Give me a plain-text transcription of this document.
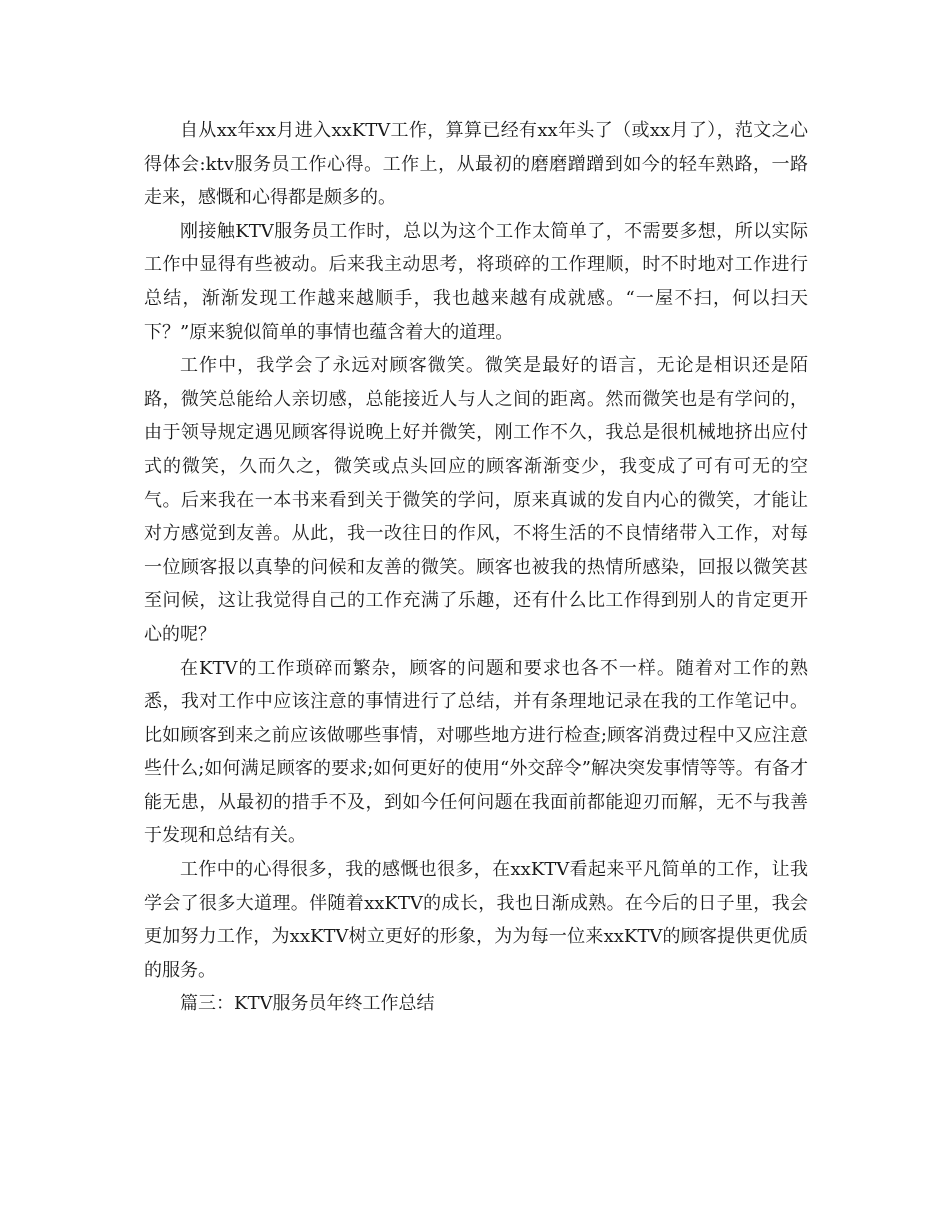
自从xx年xx月进入xxKTV工作，算算已经有xx年头了（或xx月了），范文之心得体会:ktv服务员工作心得。工作上，从最初的磨磨蹭蹭到如今的轻车熟路，一路走来，感慨和心得都是颇多的。

刚接触KTV服务员工作时，总以为这个工作太简单了，不需要多想，所以实际工作中显得有些被动。后来我主动思考，将琐碎的工作理顺，时不时地对工作进行总结，渐渐发现工作越来越顺手，我也越来越有成就感。“一屋不扫，何以扫天下？”原来貌似简单的事情也蕴含着大的道理。

工作中，我学会了永远对顾客微笑。微笑是最好的语言，无论是相识还是陌路，微笑总能给人亲切感，总能接近人与人之间的距离。然而微笑也是有学问的，由于领导规定遇见顾客得说晚上好并微笑，刚工作不久，我总是很机械地挤出应付式的微笑，久而久之，微笑或点头回应的顾客渐渐变少，我变成了可有可无的空气。后来我在一本书来看到关于微笑的学问，原来真诚的发自内心的微笑，才能让对方感觉到友善。从此，我一改往日的作风，不将生活的不良情绪带入工作，对每一位顾客报以真挚的问候和友善的微笑。顾客也被我的热情所感染，回报以微笑甚至问候，这让我觉得自己的工作充满了乐趣，还有什么比工作得到别人的肯定更开心的呢？

在KTV的工作琐碎而繁杂，顾客的问题和要求也各不一样。随着对工作的熟悉，我对工作中应该注意的事情进行了总结，并有条理地记录在我的工作笔记中。比如顾客到来之前应该做哪些事情，对哪些地方进行检查;顾客消费过程中又应注意些什么;如何满足顾客的要求;如何更好的使用“外交辞令”解决突发事情等等。有备才能无患，从最初的措手不及，到如今任何问题在我面前都能迎刃而解，无不与我善于发现和总结有关。

工作中的心得很多，我的感慨也很多，在xxKTV看起来平凡简单的工作，让我学会了很多大道理。伴随着xxKTV的成长，我也日渐成熟。在今后的日子里，我会更加努力工作，为xxKTV树立更好的形象，为为每一位来xxKTV的顾客提供更优质的服务。

篇三：KTV服务员年终工作总结
